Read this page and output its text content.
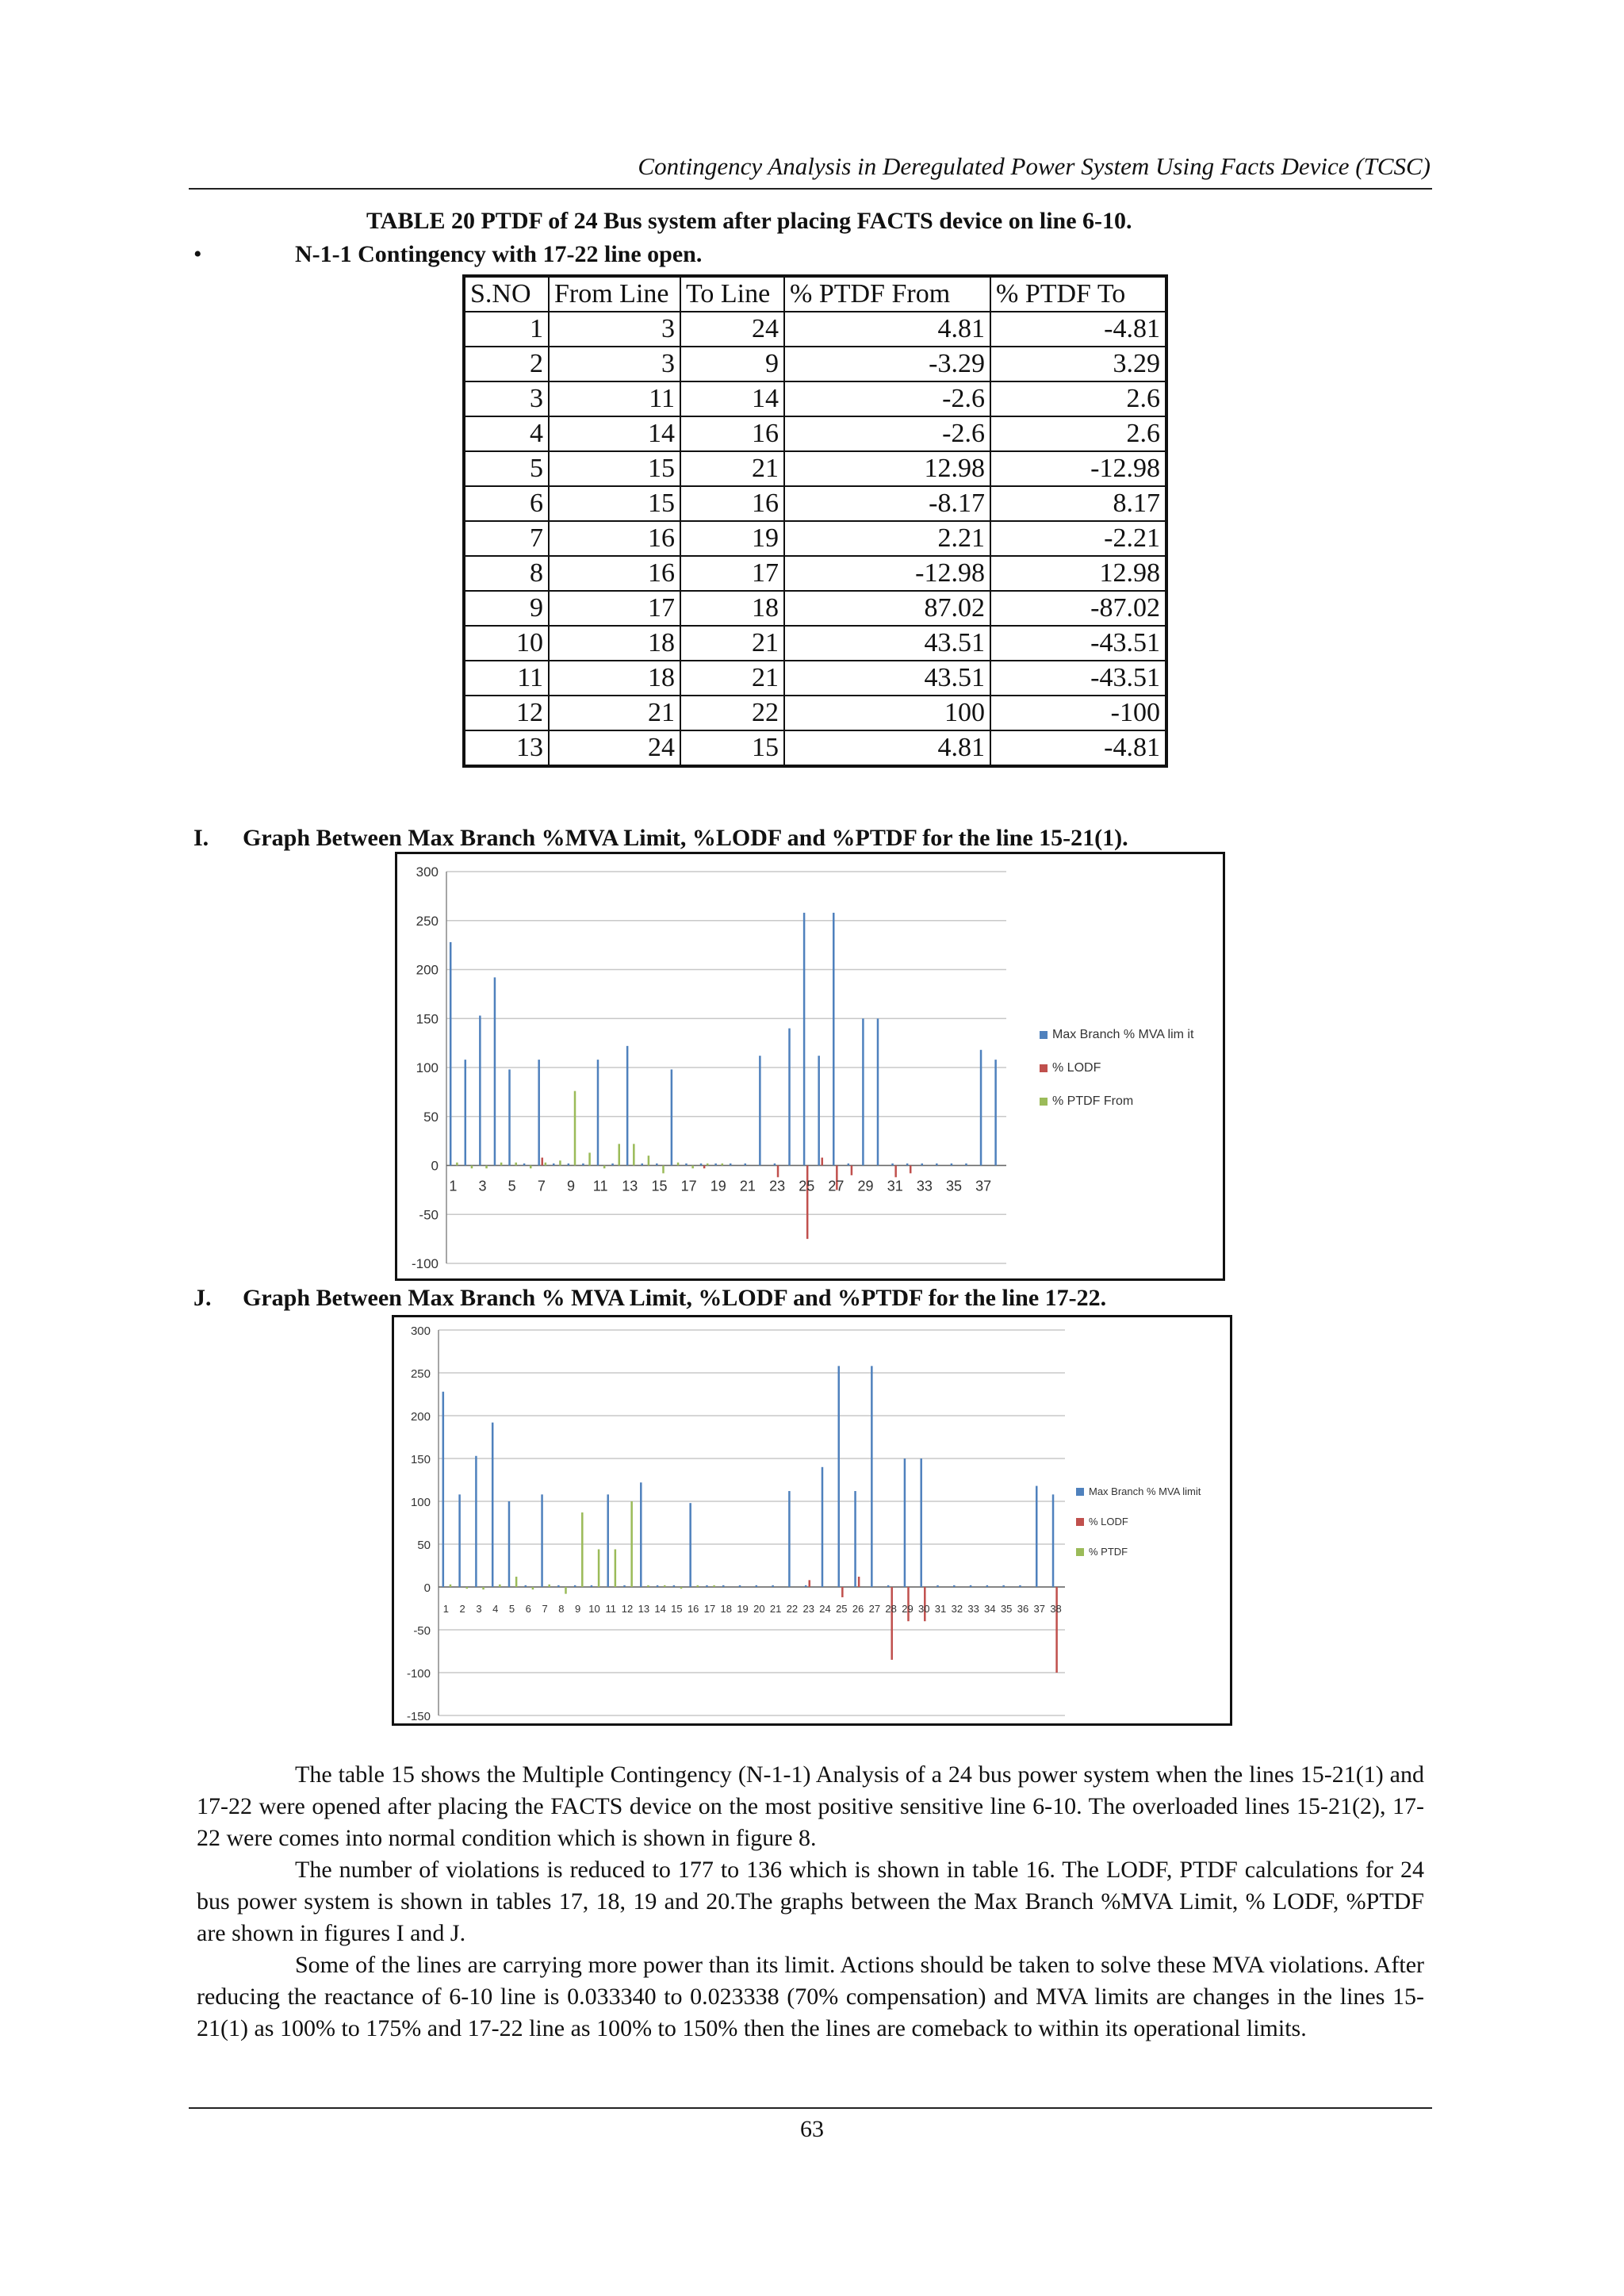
Contingency Analysis in Deregulated Power System Using Facts Device (TCSC)
TABLE 20 PTDF of 24 Bus system after placing FACTS device on line 6-10.
•	N-1-1 Contingency with 17-22 line open.
S.NO	From Line	To Line	% PTDF From	% PTDF To
1	3	24	4.81	-4.81
2	3	9	-3.29	3.29
3	11	14	-2.6	2.6
4	14	16	-2.6	2.6
5	15	21	12.98	-12.98
6	15	16	-8.17	8.17
7	16	19	2.21	-2.21
8	16	17	-12.98	12.98
9	17	18	87.02	-87.02
10	18	21	43.51	-43.51
11	18	21	43.51	-43.51
12	21	22	100	-100
13	24	15	4.81	-4.81
I. Graph Between Max Branch %MVA Limit, %LODF and %PTDF for the line 15-21(1).
-100
-50
0
50
100
150
200
250
300
1 3 5 7 9 11 13 15 17 19 21 23 25 27 29 31 33 35 37
Max Branch % MVA lim it
% LODF
% PTDF From
J. Graph Between Max Branch % MVA Limit, %LODF and %PTDF for the line 17-22.
-150
-100
-50
0
50
100
150
200
250
300
1 2 3 4 5 6 7 8 9 10 11 12 13 14 15 16 17 18 19 20 21 22 23 24 25 26 27 28 29 30 31 32 33 34 35 36 37 38
Max Branch % MVA limit
% LODF
% PTDF

The table 15 shows the Multiple Contingency (N-1-1) Analysis of a 24 bus power system when the lines 15-21(1) and 17-22 were opened after placing the FACTS device on the most positive sensitive line 6-10. The overloaded lines 15-21(2), 17-22 were comes into normal condition which is shown in figure 8.

The number of violations is reduced to 177 to 136 which is shown in table 16. The LODF, PTDF calculations for 24 bus power system is shown in tables 17, 18, 19 and 20.The graphs between the Max Branch %MVA Limit, % LODF, %PTDF are shown in figures I and J.

Some of the lines are carrying more power than its limit. Actions should be taken to solve these MVA violations. After reducing the reactance of 6-10 line is 0.033340 to 0.023338 (70% compensation) and MVA limits are changes in the lines 15-21(1) as 100% to 175% and 17-22 line as 100% to 150% then the lines are comeback to within its operational limits.

63
